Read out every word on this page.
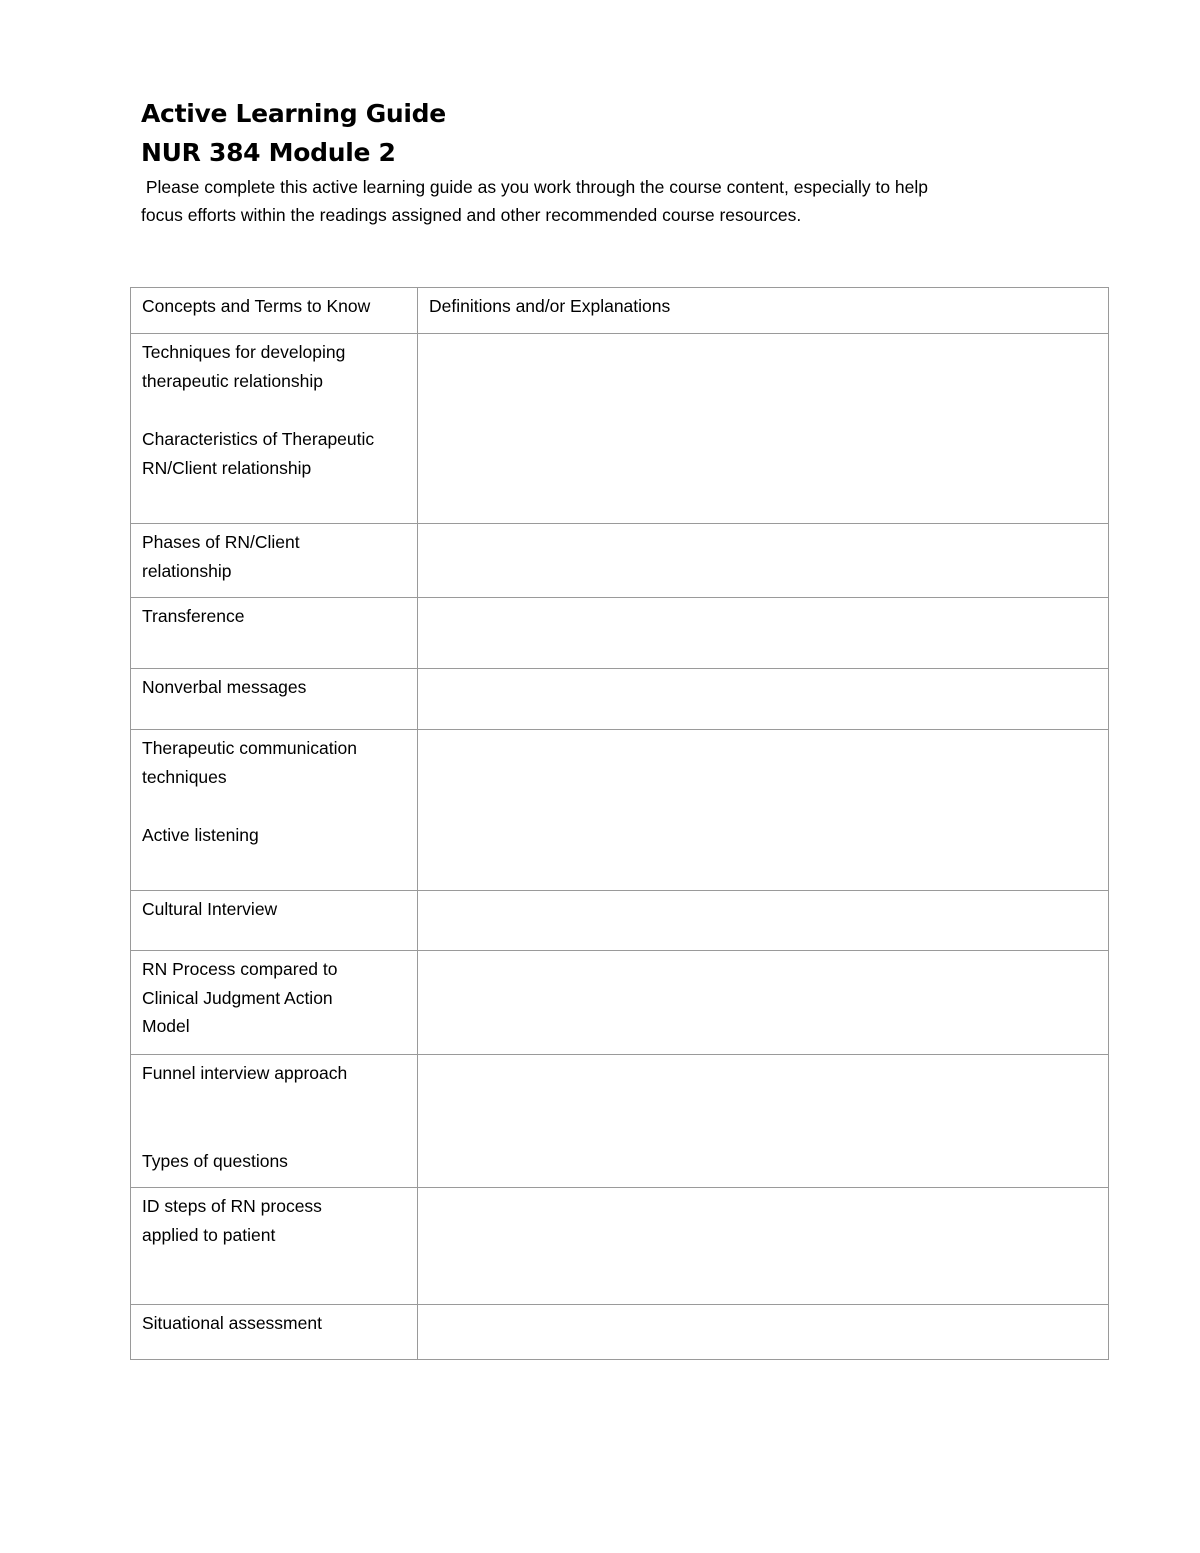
Active Learning Guide
NUR 384 Module 2
Please complete this active learning guide as you work through the course content, especially to help
focus efforts within the readings assigned and other recommended course resources.
Concepts and Terms to Know	Definitions and/or Explanations

Techniques for developing
therapeutic relationship
Characteristics of Therapeutic
RN/Client relationship	

Phases of RN/Client
relationship	

Transference	

Nonverbal messages	

Therapeutic communication
techniques
Active listening	

Cultural Interview	

RN Process compared to
Clinical Judgment Action
Model	

Funnel interview approach
Types of questions	

ID steps of RN process
applied to patient	

Situational assessment	
